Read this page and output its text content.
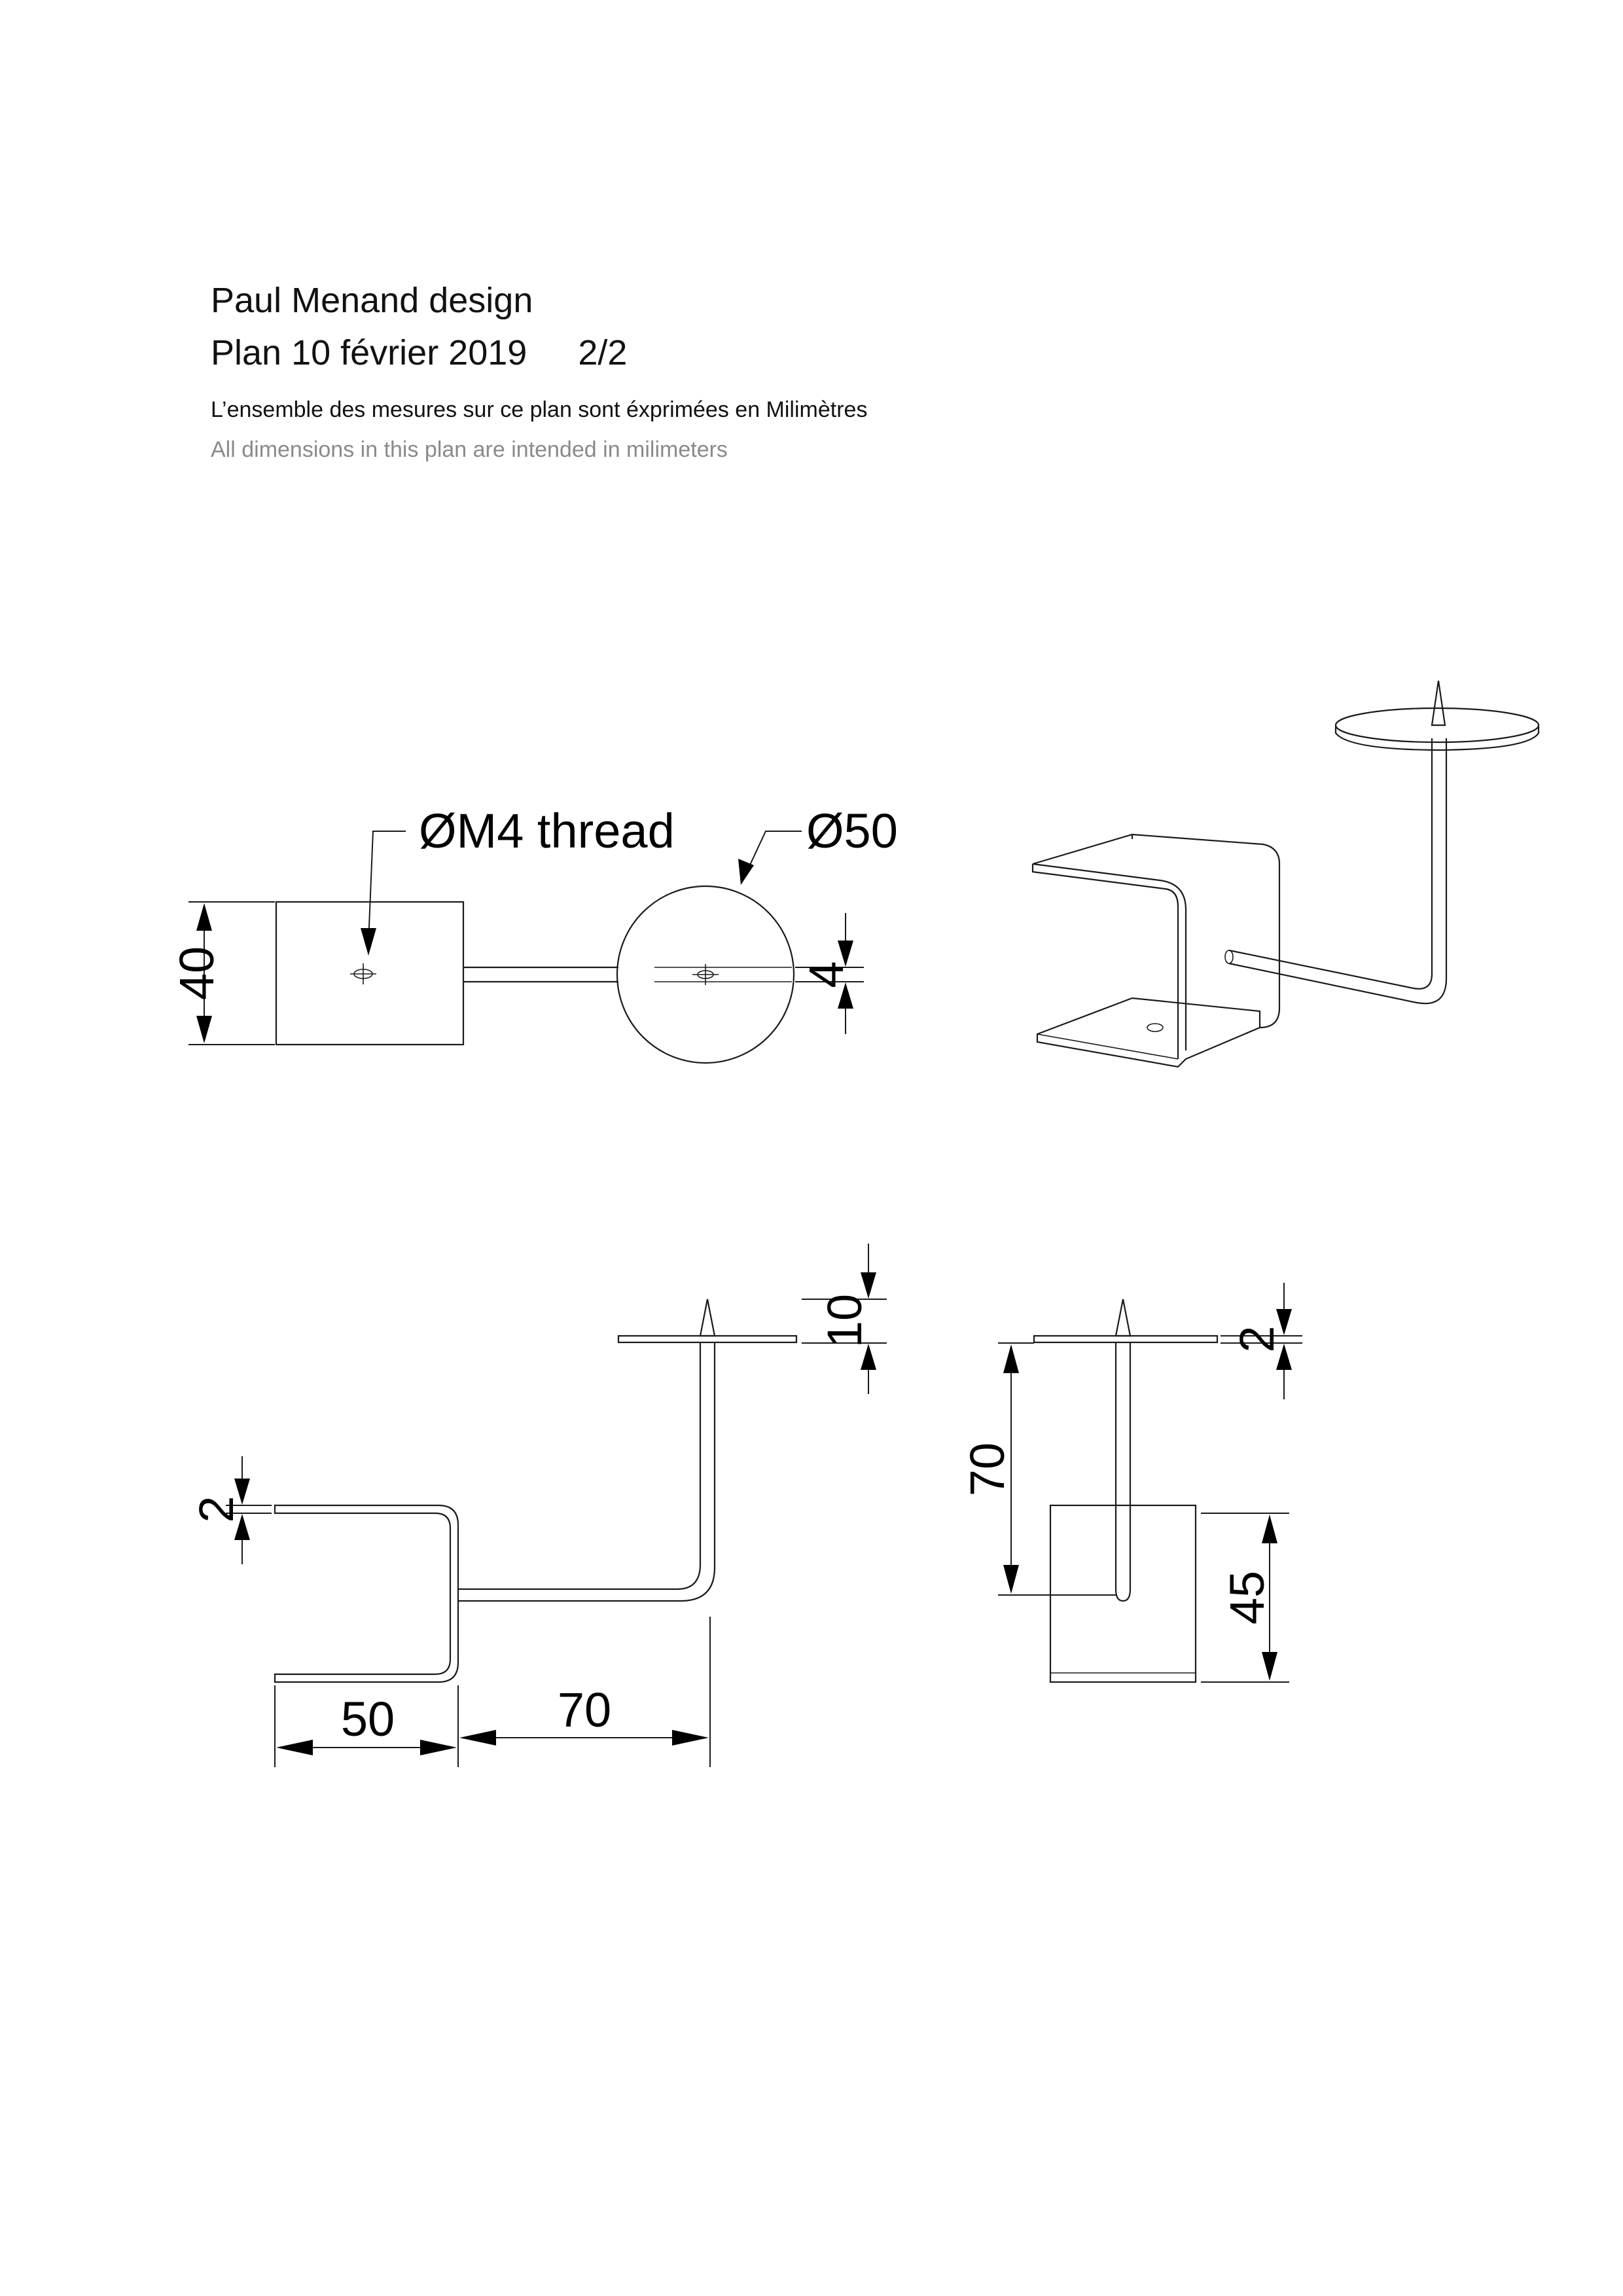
Paul Menand design
Plan 10 février 2019 2/2
L’ensemble des mesures sur ce plan sont éxprimées en Milimètres
All dimensions in this plan are intended in milimeters
ØM4 thread	Ø50
40	4
10
2
50	70
2
70
45
